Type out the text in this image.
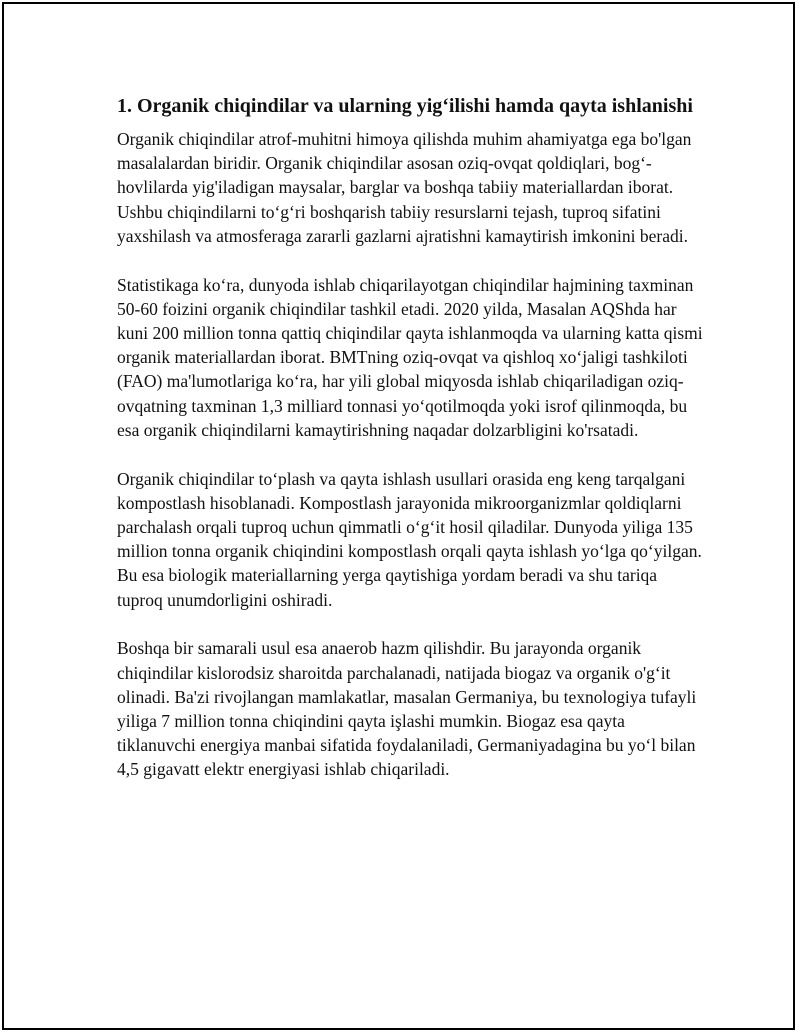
1. Organik chiqindilar va ularning yig‘ilishi hamda qayta ishlanishi

Organik chiqindilar atrof-muhitni himoya qilishda muhim ahamiyatga ega bo'lgan masalalardan biridir. Organik chiqindilar asosan oziq-ovqat qoldiqlari, bog‘-hovlilarda yig'iladigan maysalar, barglar va boshqa tabiiy materiallardan iborat. Ushbu chiqindilarni to‘g‘ri boshqarish tabiiy resurslarni tejash, tuproq sifatini yaxshilash va atmosferaga zararli gazlarni ajratishni kamaytirish imkonini beradi.

Statistikaga ko‘ra, dunyoda ishlab chiqarilayotgan chiqindilar hajmining taxminan 50-60 foizini organik chiqindilar tashkil etadi. 2020 yilda, Masalan AQShda har kuni 200 million tonna qattiq chiqindilar qayta ishlanmoqda va ularning katta qismi organik materiallardan iborat. BMTning oziq-ovqat va qishloq xo‘jaligi tashkiloti (FAO) ma'lumotlariga ko‘ra, har yili global miqyosda ishlab chiqariladigan oziq-ovqatning taxminan 1,3 milliard tonnasi yo‘qotilmoqda yoki isrof qilinmoqda, bu esa organik chiqindilarni kamaytirishning naqadar dolzarbligini ko'rsatadi.

Organik chiqindilar to‘plash va qayta ishlash usullari orasida eng keng tarqalgani kompostlash hisoblanadi. Kompostlash jarayonida mikroorganizmlar qoldiqlarni parchalash orqali tuproq uchun qimmatli o‘g‘it hosil qiladilar. Dunyoda yiliga 135 million tonna organik chiqindini kompostlash orqali qayta ishlash yo‘lga qo‘yilgan. Bu esa biologik materiallarning yerga qaytishiga yordam beradi va shu tariqa tuproq unumdorligini oshiradi.

Boshqa bir samarali usul esa anaerob hazm qilishdir. Bu jarayonda organik chiqindilar kislorodsiz sharoitda parchalanadi, natijada biogaz va organik o'g‘it olinadi. Ba'zi rivojlangan mamlakatlar, masalan Germaniya, bu texnologiya tufayli yiliga 7 million tonna chiqindini qayta işlashi mumkin. Biogaz esa qayta tiklanuvchi energiya manbai sifatida foydalaniladi, Germaniyadagina bu yo‘l bilan 4,5 gigavatt elektr energiyasi ishlab chiqariladi.
